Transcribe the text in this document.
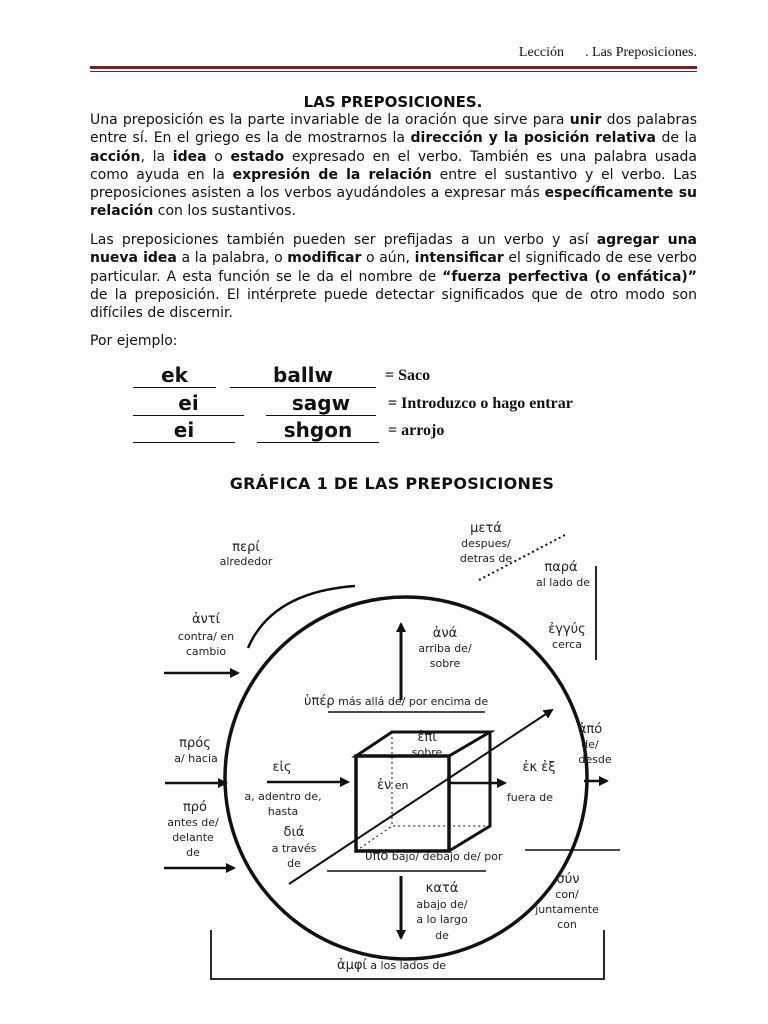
Lección . Las Preposiciones.
LAS PREPOSICIONES.

Una preposición es la parte invariable de la oración que sirve para unir dos palabras entre sí. En el griego es la de mostrarnos la dirección y la posición relativa de la acción, la idea o estado expresado en el verbo. También es una palabra usada como ayuda en la expresión de la relación entre el sustantivo y el verbo. Las preposiciones asisten a los verbos ayudándoles a expresar más específicamente su relación con los sustantivos.

Las preposiciones también pueden ser prefijadas a un verbo y así agregar una nueva idea a la palabra, o modificar o aún, intensificar el significado de ese verbo particular. A esta función se le da el nombre de “fuerza perfectiva (o enfática)” de la preposición. El intérprete puede detectar significados que de otro modo son difíciles de discernir.

Por ejemplo:

ek	ballw	= Saco
ei	sagw	= Introduzco o hago entrar
ei	shgon	= arrojo
GRÁFICA 1 DE LAS PREPOSICIONES
περί
alrededor
μετά
despues/
detras de
παρά
al lado de
ἐγγύς
cerca
ἀντί
contra/ en
cambio
ἀνά
arriba de/
sobre
πρός
a/ hacia
ἐπί
sobre
ἀπό
de/
desde
εἰς
a, adentro de,
hasta
ἐκ ἐξ
fuera de
πρό
antes de/
delante
de
διά
a través
de
σύν
con/
juntamente
con
κατά
abajo de/
a lo largo
de
ὑπέρ más allá de/ por encima de
ἐν en
ὑπό bajo/ debajo de/ por
ἀμφί a los lados de
